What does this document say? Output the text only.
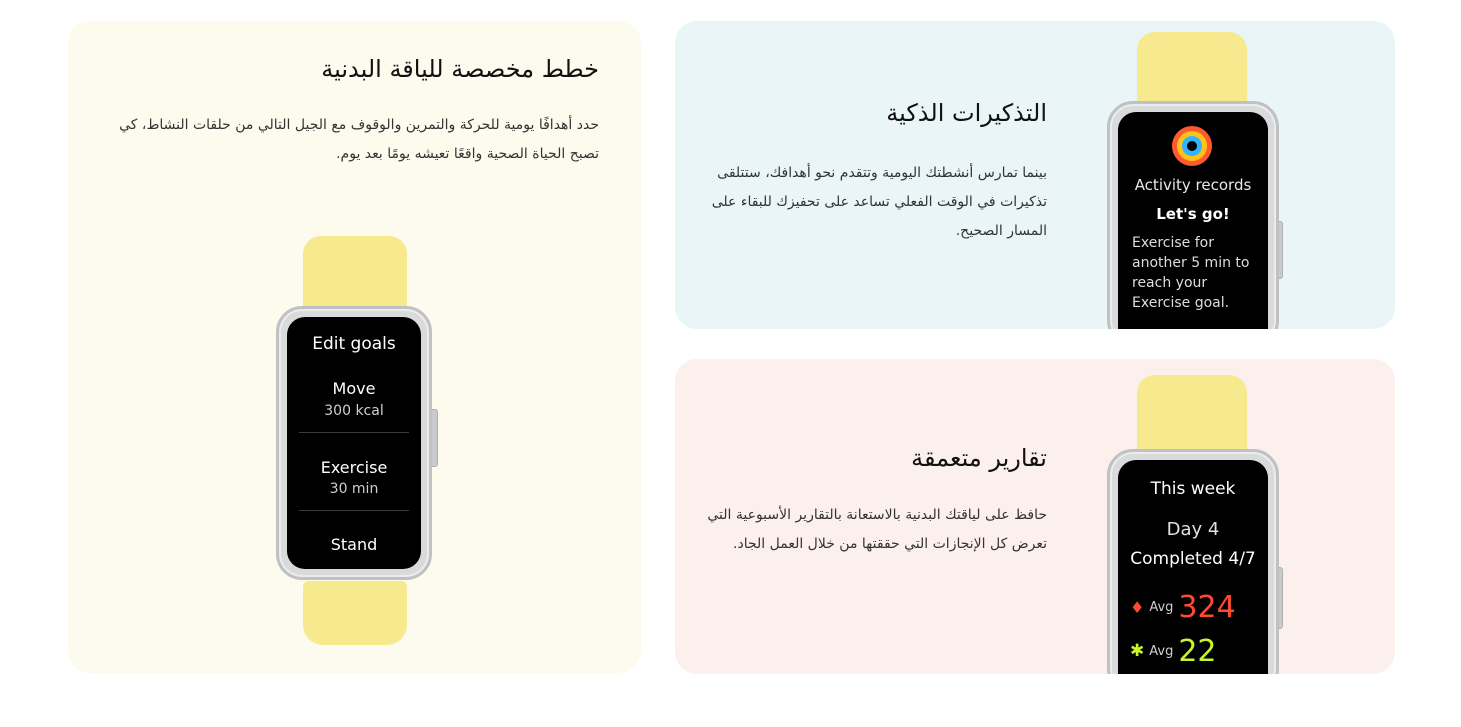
خطط مخصصة للياقة البدنية

حدد أهدافًا يومية للحركة والتمرين والوقوف مع الجيل التالي من حلقات النشاط، كي تصبح الحياة الصحية واقعًا تعيشه يومًا بعد يوم.

Edit goals
Move
300 kcal
Exercise
30 min
Stand
التذكيرات الذكية

بينما تمارس أنشطتك اليومية وتتقدم نحو أهدافك، ستتلقى تذكيرات في الوقت الفعلي تساعد على تحفيزك للبقاء على المسار الصحيح.

Activity records
Let's go!
Exercise for another 5 min to reach your Exercise goal.
تقارير متعمقة

حافظ على لياقتك البدنية بالاستعانة بالتقارير الأسبوعية التي تعرض كل الإنجازات التي حققتها من خلال العمل الجاد.

This week
Day 4
Completed 4/7
♦ Avg 324
✱ Avg 22
